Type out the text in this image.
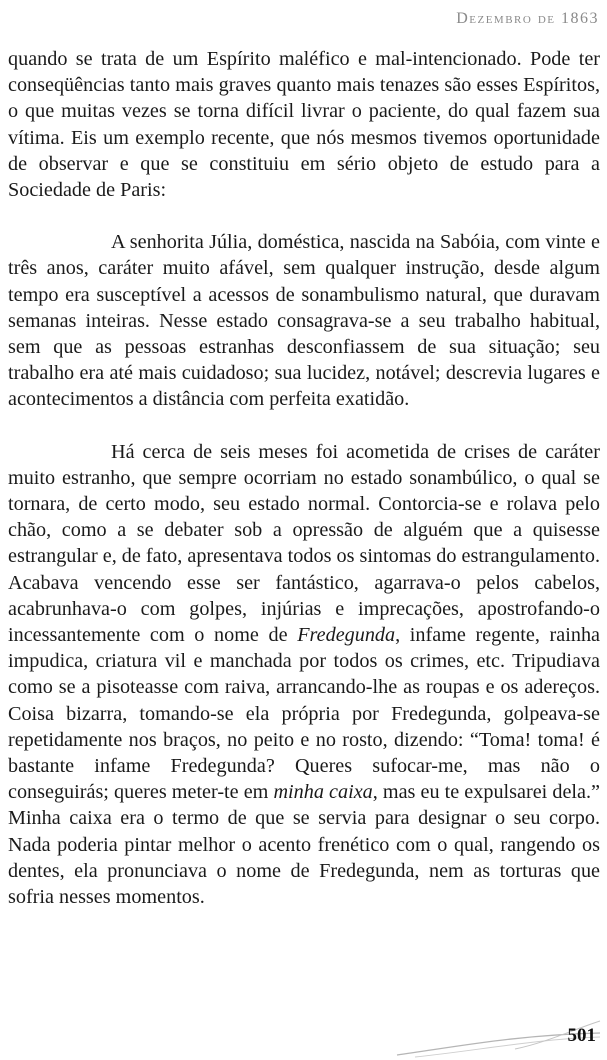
Dezembro de 1863

quando se trata de um Espírito maléfico e mal-intencionado. Pode ter conseqüências tanto mais graves quanto mais tenazes são esses Espíritos, o que muitas vezes se torna difícil livrar o paciente, do qual fazem sua vítima. Eis um exemplo recente, que nós mesmos tivemos oportunidade de observar e que se constituiu em sério objeto de estudo para a Sociedade de Paris:

A senhorita Júlia, doméstica, nascida na Sabóia, com vinte e três anos, caráter muito afável, sem qualquer instrução, desde algum tempo era susceptível a acessos de sonambulismo natural, que duravam semanas inteiras. Nesse estado consagrava-se a seu trabalho habitual, sem que as pessoas estranhas desconfiassem de sua situação; seu trabalho era até mais cuidadoso; sua lucidez, notável; descrevia lugares e acontecimentos a distância com perfeita exatidão.

Há cerca de seis meses foi acometida de crises de caráter muito estranho, que sempre ocorriam no estado sonambúlico, o qual se tornara, de certo modo, seu estado normal. Contorcia-se e rolava pelo chão, como a se debater sob a opressão de alguém que a quisesse estrangular e, de fato, apresentava todos os sintomas do estrangulamento. Acabava vencendo esse ser fantástico, agarrava-o pelos cabelos, acabrunhava-o com golpes, injúrias e imprecações, apostrofando-o incessantemente com o nome de Fredegunda, infame regente, rainha impudica, criatura vil e manchada por todos os crimes, etc. Tripudiava como se a pisoteasse com raiva, arrancando-lhe as roupas e os adereços. Coisa bizarra, tomando-se ela própria por Fredegunda, golpeava-se repetidamente nos braços, no peito e no rosto, dizendo: “Toma! toma! é bastante infame Fredegunda? Queres sufocar-me, mas não o conseguirás; queres meter-te em minha caixa, mas eu te expulsarei dela.” Minha caixa era o termo de que se servia para designar o seu corpo. Nada poderia pintar melhor o acento frenético com o qual, rangendo os dentes, ela pronunciava o nome de Fredegunda, nem as torturas que sofria nesses momentos.

501
